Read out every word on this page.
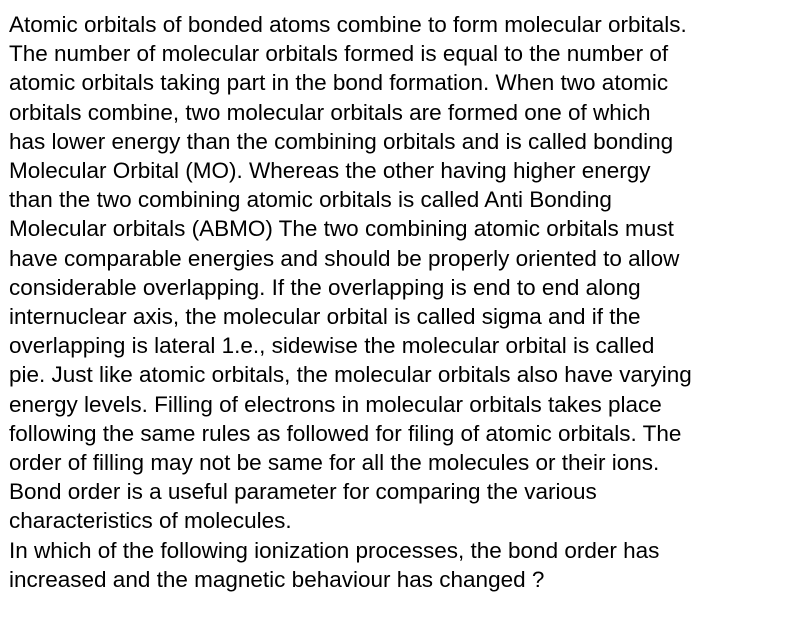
Atomic orbitals of bonded atoms combine to form molecular orbitals.
The number of molecular orbitals formed is equal to the number of
atomic orbitals taking part in the bond formation. When two atomic
orbitals combine, two molecular orbitals are formed one of which
has lower energy than the combining orbitals and is called bonding
Molecular Orbital (MO). Whereas the other having higher energy
than the two combining atomic orbitals is called Anti Bonding
Molecular orbitals (ABMO) The two combining atomic orbitals must
have comparable energies and should be properly oriented to allow
considerable overlapping. If the overlapping is end to end along
internuclear axis, the molecular orbital is called sigma and if the
overlapping is lateral 1.e., sidewise the molecular orbital is called
pie. Just like atomic orbitals, the molecular orbitals also have varying
energy levels. Filling of electrons in molecular orbitals takes place
following the same rules as followed for filing of atomic orbitals. The
order of filling may not be same for all the molecules or their ions.
Bond order is a useful parameter for comparing the various
characteristics of molecules.

In which of the following ionization processes, the bond order has
increased and the magnetic behaviour has changed ?
